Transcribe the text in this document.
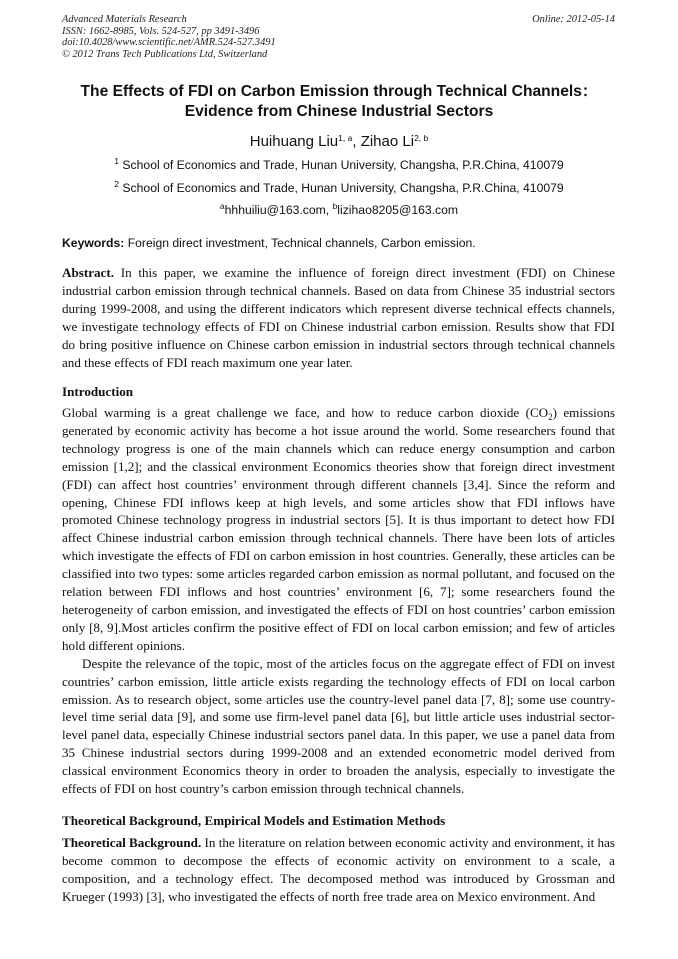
Advanced Materials Research
ISSN: 1662-8985, Vols. 524-527, pp 3491-3496
doi:10.4028/www.scientific.net/AMR.524-527.3491
© 2012 Trans Tech Publications Ltd, Switzerland
Online: 2012-05-14
The Effects of FDI on Carbon Emission through Technical Channels：
Evidence from Chinese Industrial Sectors
Huihuang Liu$^{1, a}$, Zihao Li$^{2, b}$
$^1$ School of Economics and Trade, Hunan University, Changsha, P.R.China, 410079
$^2$ School of Economics and Trade, Hunan University, Changsha, P.R.China, 410079
$^a$hhhuiliu@163.com, $^b$lizihao8205@163.com
Keywords: Foreign direct investment, Technical channels, Carbon emission.
Abstract. In this paper, we examine the influence of foreign direct investment (FDI) on Chinese industrial carbon emission through technical channels. Based on data from Chinese 35 industrial sectors during 1999-2008, and using the different indicators which represent diverse technical effects channels, we investigate technology effects of FDI on Chinese industrial carbon emission. Results show that FDI do bring positive influence on Chinese carbon emission in industrial sectors through technical channels and these effects of FDI reach maximum one year later.
Introduction

Global warming is a great challenge we face, and how to reduce carbon dioxide $(CO_2)$ emissions generated by economic activity has become a hot issue around the world. Some researchers found that technology progress is one of the main channels which can reduce energy consumption and carbon emission [1,2]; and the classical environment Economics theories show that foreign direct investment (FDI) can affect host countries’ environment through different channels [3,4]. Since the reform and opening, Chinese FDI inflows keep at high levels, and some articles show that FDI inflows have promoted Chinese technology progress in industrial sectors [5]. It is thus important to detect how FDI affect Chinese industrial carbon emission through technical channels. There have been lots of articles which investigate the effects of FDI on carbon emission in host countries. Generally, these articles can be classified into two types: some articles regarded carbon emission as normal pollutant, and focused on the relation between FDI inflows and host countries’ environment [6, 7]; some researchers found the heterogeneity of carbon emission, and investigated the effects of FDI on host countries’ carbon emission only [8, 9].Most articles confirm the positive effect of FDI on local carbon emission; and few of articles hold different opinions.

Despite the relevance of the topic, most of the articles focus on the aggregate effect of FDI on invest countries’ carbon emission, little article exists regarding the technology effects of FDI on local carbon emission. As to research object, some articles use the country-level panel data [7, 8]; some use country-level time serial data [9], and some use firm-level panel data [6], but little article uses industrial sector-level panel data, especially Chinese industrial sectors panel data. In this paper, we use a panel data from 35 Chinese industrial sectors during 1999-2008 and an extended econometric model derived from classical environment Economics theory in order to broaden the analysis, especially to investigate the effects of FDI on host country’s carbon emission through technical channels.

Theoretical Background, Empirical Models and Estimation Methods
Theoretical Background. In the literature on relation between economic activity and environment, it has become common to decompose the effects of economic activity on environment to a scale, a composition, and a technology effect. The decomposed method was introduced by Grossman and Krueger (1993) [3], who investigated the effects of north free trade area on Mexico environment. And
